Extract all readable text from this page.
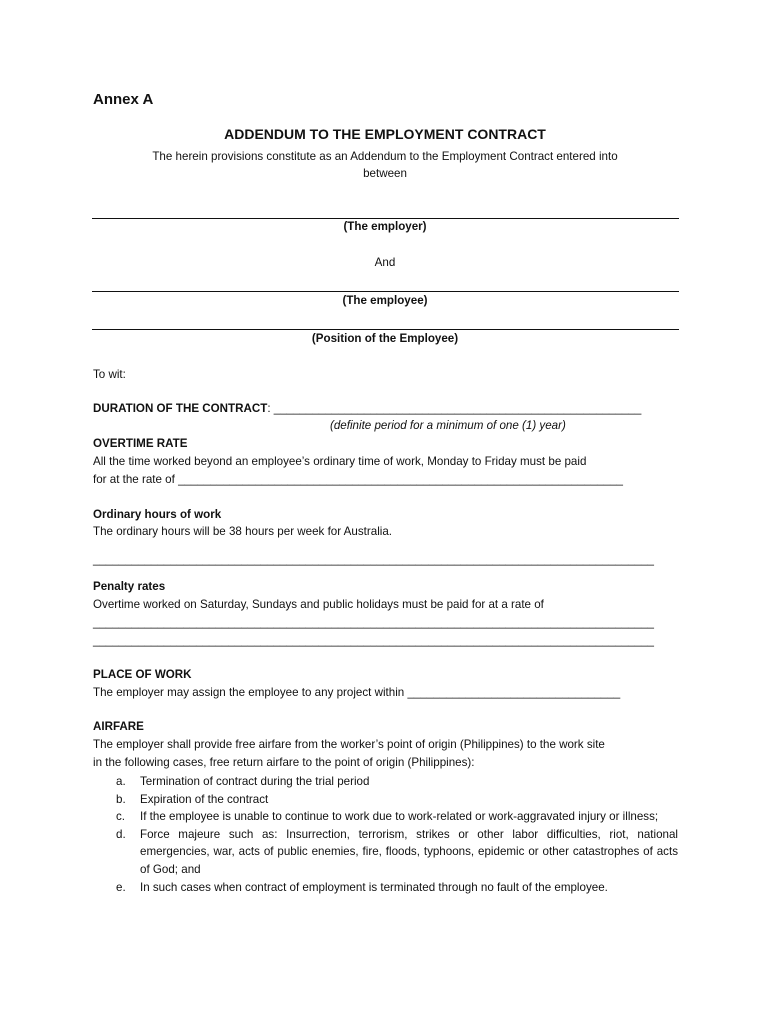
Annex A
ADDENDUM TO THE EMPLOYMENT CONTRACT
The herein provisions constitute as an Addendum to the Employment Contract entered into
between
(The employer)
And
(The employee)
(Position of the Employee)
To wit:
DURATION OF THE CONTRACT: _________________________________________________________
(definite period for a minimum of one (1) year)
OVERTIME RATE
All the time worked beyond an employee’s ordinary time of work, Monday to Friday must be paid
for at the rate of _____________________________________________________________________
Ordinary hours of work
The ordinary hours will be 38 hours per week for Australia.
_______________________________________________________________________________________
Penalty rates
Overtime worked on Saturday, Sundays and public holidays must be paid for at a rate of
_______________________________________________________________________________________
_______________________________________________________________________________________
PLACE OF WORK
The employer may assign the employee to any project within _________________________________
AIRFARE
The employer shall provide free airfare from the worker’s point of origin (Philippines) to the work site
in the following cases, free return airfare to the point of origin (Philippines):
a. Termination of contract during the trial period
b. Expiration of the contract
c. If the employee is unable to continue to work due to work-related or work-aggravated injury or illness;
d. Force majeure such as: Insurrection, terrorism, strikes or other labor difficulties, riot, national emergencies, war, acts of public enemies, fire, floods, typhoons, epidemic or other catastrophes of acts of God; and
e. In such cases when contract of employment is terminated through no fault of the employee.
